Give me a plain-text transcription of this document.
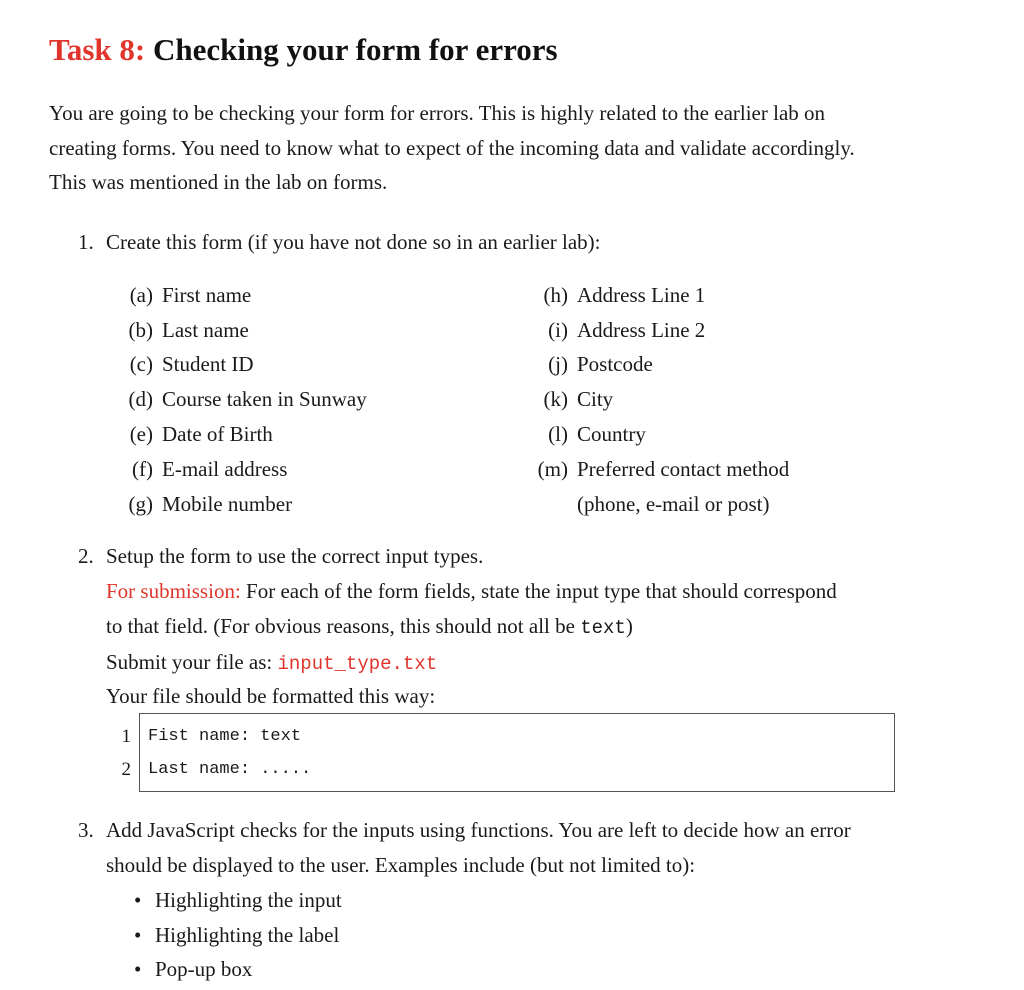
Task 8: Checking your form for errors
You are going to be checking your form for errors. This is highly related to the earlier lab on
creating forms. You need to know what to expect of the incoming data and validate accordingly.
This was mentioned in the lab on forms.
1. Create this form (if you have not done so in an earlier lab):
(a) First name
(b) Last name
(c) Student ID
(d) Course taken in Sunway
(e) Date of Birth
(f) E-mail address
(g) Mobile number
(h) Address Line 1
(i) Address Line 2
(j) Postcode
(k) City
(l) Country
(m) Preferred contact method
(phone, e-mail or post)
2. Setup the form to use the correct input types.
For submission: For each of the form fields, state the input type that should correspond
to that field. (For obvious reasons, this should not all be text)
Submit your file as: input_type.txt
Your file should be formatted this way:
1 Fist name: text
2 Last name: .....
3. Add JavaScript checks for the inputs using functions. You are left to decide how an error
should be displayed to the user. Examples include (but not limited to):
• Highlighting the input
• Highlighting the label
• Pop-up box
